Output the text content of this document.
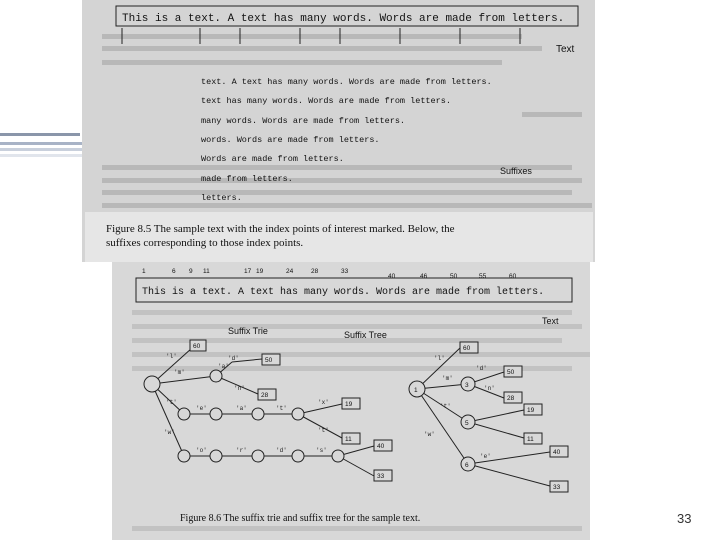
This is a text. A text has many words. Words are made from letters.
Text
text. A text has many words. Words are made from letters.
text has many words. Words are made from letters.
many words. Words are made from letters.
words. Words are made from letters.
Words are made from letters.
made from letters.
letters.
Suffixes
Figure 8.5 The sample text with the index points of interest marked. Below, the
suffixes corresponding to those index points.
1	6 9 11	17 19	24	28	33
40	46	50	55	60
This is a text. A text has many words. Words are made from letters.
Text
Suffix Trie
60
50
28
19
11
40
33
'l'	'd'
'm'
'a'
't'
'n'
'e'	'a'	't'
'x'
't'
'w'
'o'	'r'	'd'	's'
Suffix Tree
1
3
5
6
60
50
28
19
11
40
33
'l'
'd'
'm'
'n'
't'
'w'
'e'
Figure 8.6 The suffix trie and suffix tree for the sample text.	33
